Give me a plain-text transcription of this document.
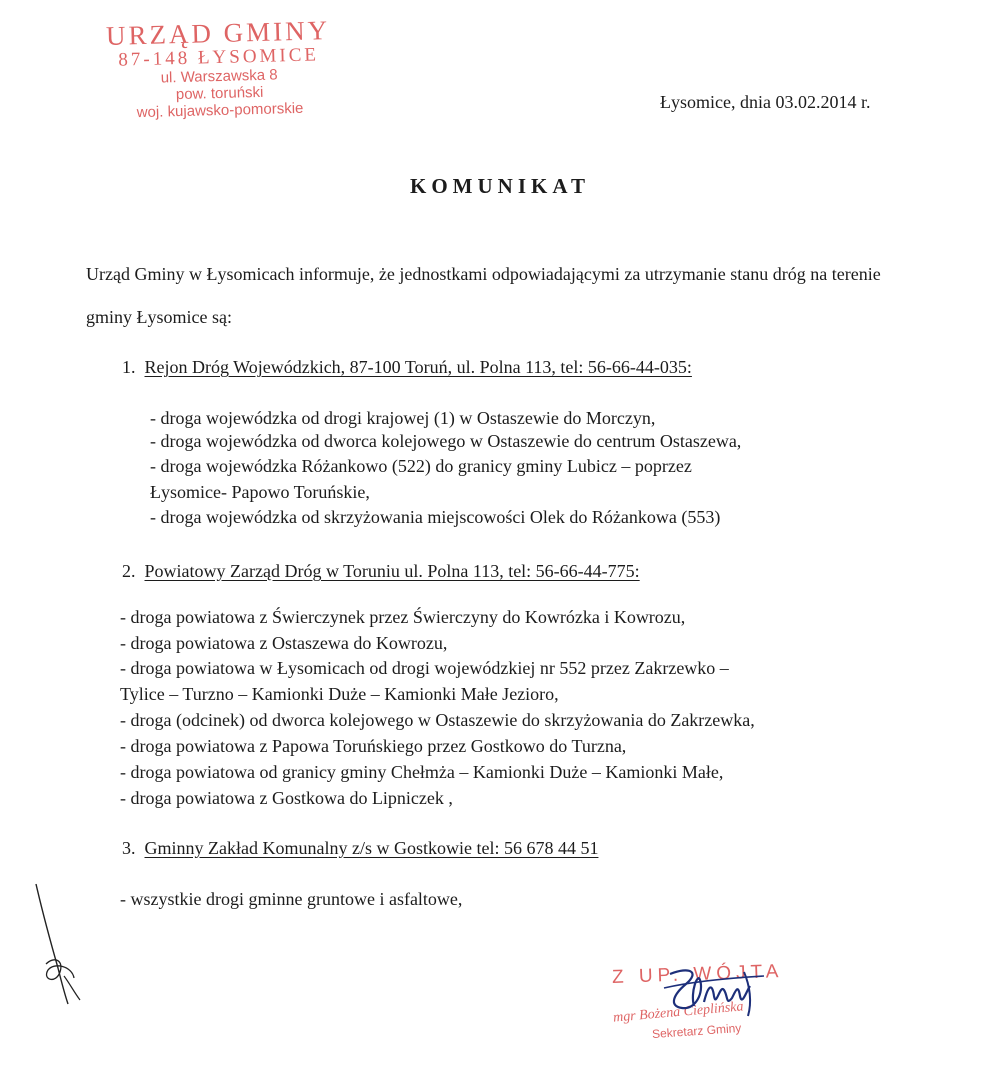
URZĄD GMINY
87-148 ŁYSOMICE
ul. Warszawska 8
pow. toruński
woj. kujawsko-pomorskie	Łysomice, dnia 03.02.2014 r.
KOMUNIKAT
Urząd Gminy w Łysomicach informuje, że jednostkami odpowiadającymi za utrzymanie stanu dróg na terenie gminy Łysomice są:
1. Rejon Dróg Wojewódzkich, 87-100 Toruń, ul. Polna 113, tel: 56-66-44-035:
- droga wojewódzka od drogi krajowej (1) w Ostaszewie do Morczyn,
- droga wojewódzka od dworca kolejowego w Ostaszewie do centrum Ostaszewa,
- droga wojewódzka Różankowo (522) do granicy gminy Lubicz – poprzez
Łysomice- Papowo Toruńskie,
- droga wojewódzka od skrzyżowania miejscowości Olek do Różankowa (553)
2. Powiatowy Zarząd Dróg w Toruniu ul. Polna 113, tel: 56-66-44-775:
- droga powiatowa z Świerczynek przez Świerczyny do Kowrózka i Kowrozu,
- droga powiatowa z Ostaszewa do Kowrozu,
- droga powiatowa w Łysomicach od drogi wojewódzkiej nr 552 przez Zakrzewko –
Tylice – Turzno – Kamionki Duże – Kamionki Małe Jezioro,
- droga (odcinek) od dworca kolejowego w Ostaszewie do skrzyżowania do Zakrzewka,
- droga powiatowa z Papowa Toruńskiego przez Gostkowo do Turzna,
- droga powiatowa od granicy gminy Chełmża – Kamionki Duże – Kamionki Małe,
- droga powiatowa z Gostkowa do Lipniczek ,
3. Gminny Zakład Komunalny z/s w Gostkowie tel: 56 678 44 51
- wszystkie drogi gminne gruntowe i asfaltowe,
Z UP. WÓJTA
mgr Bożena Cieplińska
Sekretarz Gminy
